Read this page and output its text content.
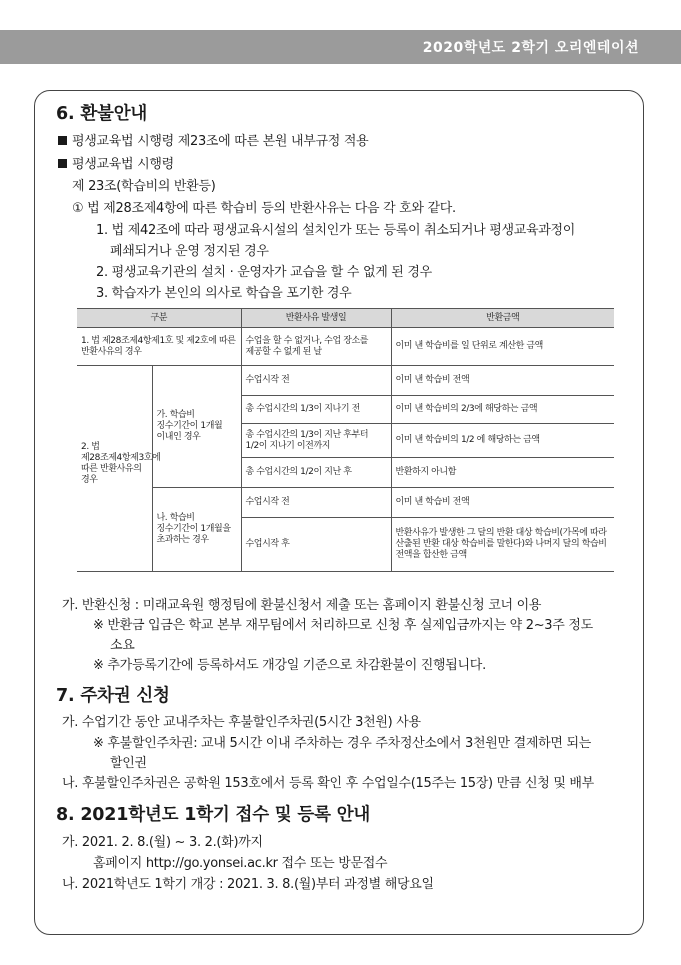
2020학년도 2학기 오리엔테이션
6. 환불안내
평생교육법 시행령 제23조에 따른 본원 내부규정 적용
평생교육법 시행령
제 23조(학습비의 반환등)
① 법 제28조제4항에 따른 학습비 등의 반환사유는 다음 각 호와 같다.
1. 법 제42조에 따라 평생교육시설의 설치인가 또는 등록이 취소되거나 평생교육과정이
폐쇄되거나 운영 정지된 경우
2. 평생교육기관의 설치 · 운영자가 교습을 할 수 없게 된 경우
3. 학습자가 본인의 의사로 학습을 포기한 경우
구분		반환사유 발생일	반환금액
1. 법 제28조제4항제1호 및 제2호에 따른 반환사유의 경우		수업을 할 수 없거나, 수업 장소를 제공할 수 없게 된 날	이미 낸 학습비를 일 단위로 계산한 금액
2. 법 제28조제4항제3호에 따른 반환사유의 경우	가. 학습비 징수기간이 1개월 이내인 경우	수업시작 전	이미 낸 학습비 전액
		총 수업시간의 1/3이 지나기 전	이미 낸 학습비의 2/3에 해당하는 금액
		총 수업시간의 1/3이 지난 후부터 1/2이 지나기 이전까지	이미 낸 학습비의 1/2 에 해당하는 금액
		총 수업시간의 1/2이 지난 후	반환하지 아니함
	나. 학습비 징수기간이 1개월을 초과하는 경우	수업시작 전	이미 낸 학습비 전액
		수업시작 후	반환사유가 발생한 그 달의 반환 대상 학습비(가목에 따라 산출된 반환 대상 학습비를 말한다)와 나머지 달의 학습비 전액을 합산한 금액
가. 반환신청 : 미래교육원 행정팀에 환불신청서 제출 또는 홈페이지 환불신청 코너 이용
※ 반환금 입금은 학교 본부 재무팀에서 처리하므로 신청 후 실제입금까지는 약 2~3주 정도
소요
※ 추가등록기간에 등록하셔도 개강일 기준으로 차감환불이 진행됩니다.
7. 주차권 신청
가. 수업기간 동안 교내주차는 후불할인주차권(5시간 3천원) 사용
※ 후불할인주차권: 교내 5시간 이내 주차하는 경우 주차정산소에서 3천원만 결제하면 되는
할인권
나. 후불할인주차권은 공학원 153호에서 등록 확인 후 수업일수(15주는 15장) 만큼 신청 및 배부
8. 2021학년도 1학기 접수 및 등록 안내
가. 2021. 2. 8.(월) ~ 3. 2.(화)까지
홈페이지 http://go.yonsei.ac.kr 접수 또는 방문접수
나. 2021학년도 1학기 개강 : 2021. 3. 8.(월)부터 과정별 해당요일
